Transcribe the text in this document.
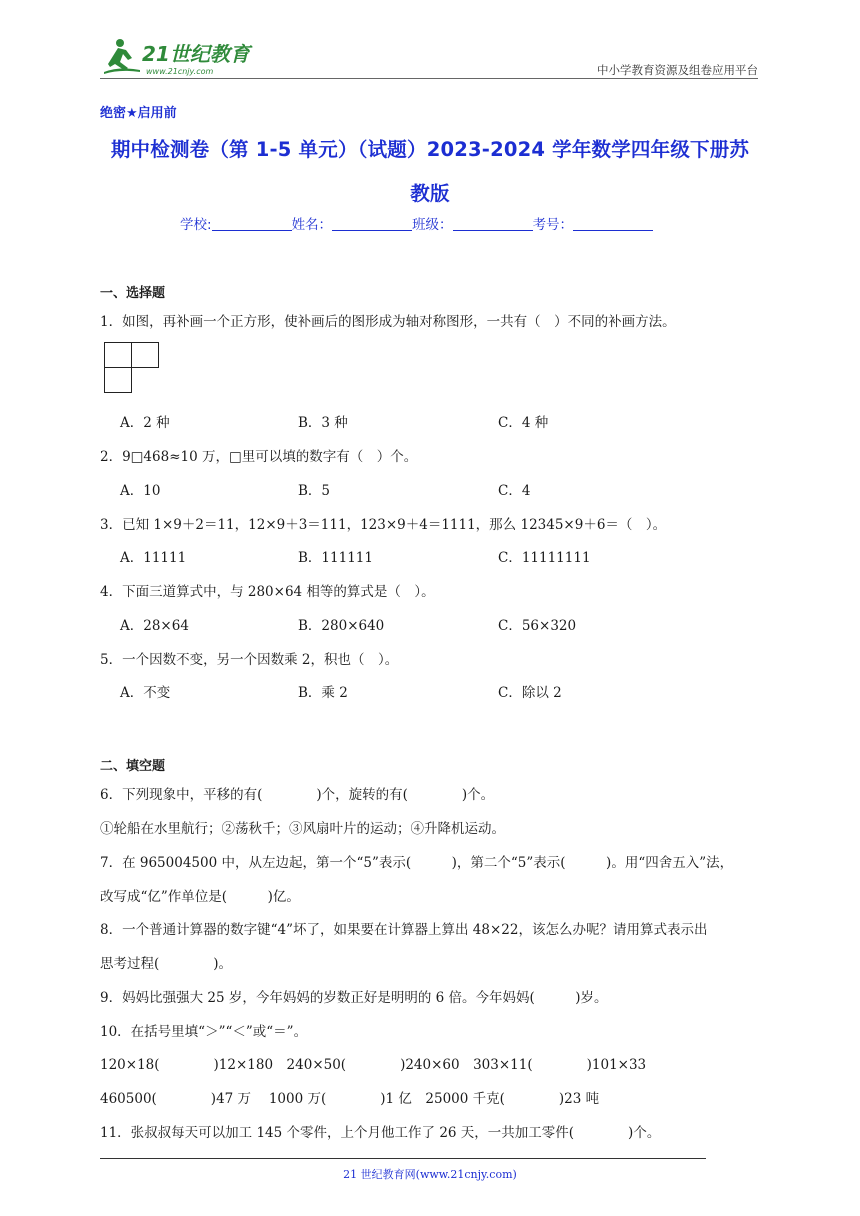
21世纪教育
www.21cnjy.com	中小学教育资源及组卷应用平台
绝密★启用前
期中检测卷（第 1-5 单元）（试题）2023-2024 学年数学四年级下册苏
教版
学校:	姓名：	班级：	考号：
一、选择题
1．如图，再补画一个正方形，使补画后的图形成为轴对称图形，一共有（　）不同的补画方法。
A．2 种	B．3 种	C．4 种
2．9□468≈10 万，□里可以填的数字有（　）个。
A．10	B．5	C．4
3．已知 1×9＋2＝11，12×9＋3＝111，123×9＋4＝1111，那么 12345×9＋6＝（　）。
A．11111	B．111111	C．11111111
4．下面三道算式中，与 280×64 相等的算式是（　）。
A．28×64	B．280×640	C．56×320
5．一个因数不变，另一个因数乘 2，积也（　）。
A．不变	B．乘 2	C．除以 2
二、填空题
6．下列现象中，平移的有(　　　　)个，旋转的有(　　　　)个。
①轮船在水里航行；②荡秋千；③风扇叶片的运动；④升降机运动。
7．在 965004500 中，从左边起，第一个“5”表示(　　　)，第二个“5”表示(　　　)。用“四舍五入”法，
改写成“亿”作单位是(　　　)亿。
8．一个普通计算器的数字键“4”坏了，如果要在计算器上算出 48×22，该怎么办呢？请用算式表示出
思考过程(　　　　)。
9．妈妈比强强大 25 岁，今年妈妈的岁数正好是明明的 6 倍。今年妈妈(　　　)岁。
10．在括号里填“＞”“＜”或“＝”。
120×18(　　　　)12×180　240×50(　　　　)240×60　303×11(　　　　)101×33
460500(　　　　)47 万　 1000 万(　　　　)1 亿　25000 千克(　　　　)23 吨
11．张叔叔每天可以加工 145 个零件，上个月他工作了 26 天，一共加工零件(　　　　)个。
21 世纪教育网(www.21cnjy.com)
